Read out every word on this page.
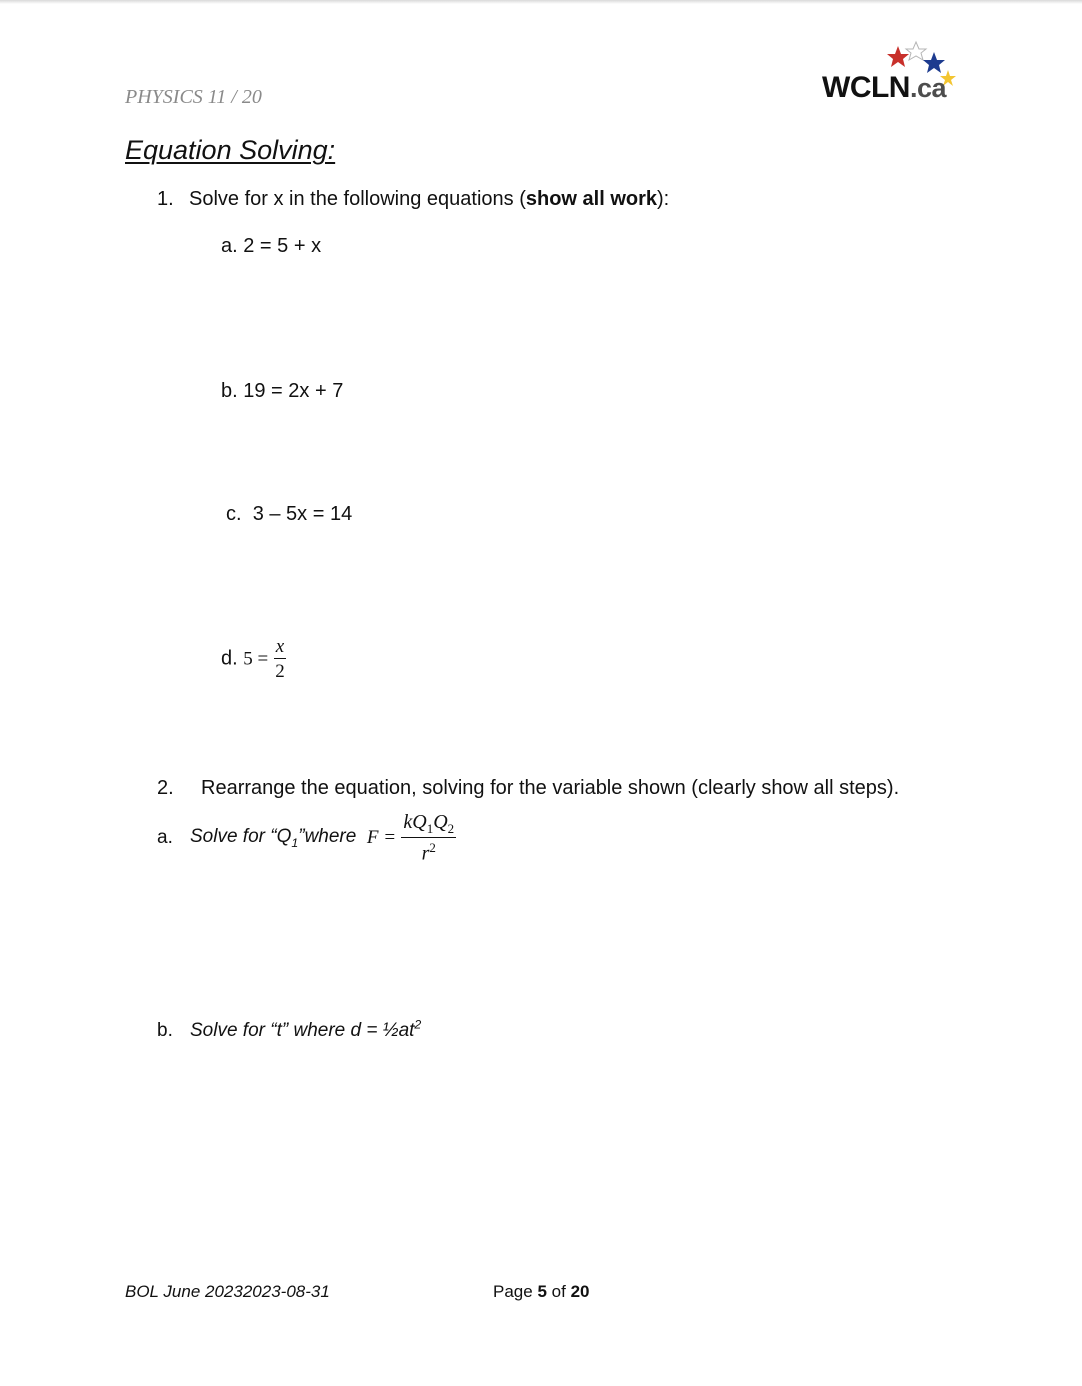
PHYSICS 11 / 20	WCLN.ca
Equation Solving:
1. Solve for x in the following equations (show all work):
a. 2 = 5 + x
b. 19 = 2x + 7
c. 3 – 5x = 14
d. $5 = \frac{x}{2}$
2. Rearrange the equation, solving for the variable shown (clearly show all steps).
a. Solve for “$Q_1”where$ $F = \frac{kQ_1Q_2}{r^2}$
b. Solve for “t” where $d = \frac{1}{2}at^2$
BOL June 20232023-08-31	Page 5 of 20
